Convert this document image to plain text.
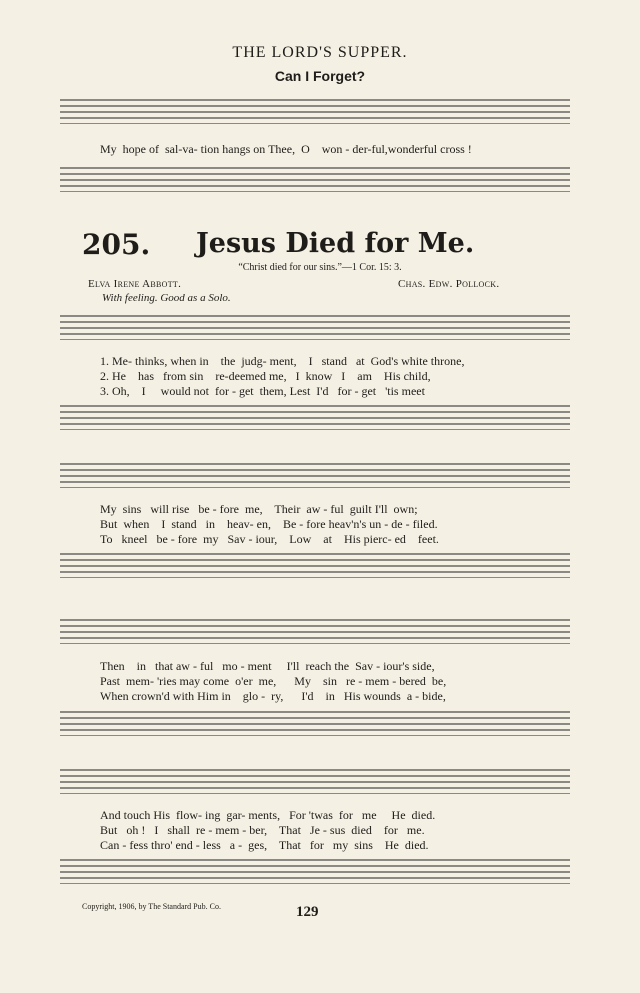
THE LORD'S SUPPER.
Can I Forget?
My  hope of  sal-va- tion hangs on Thee,  O    won - der-ful,wonderful cross !
205. Jesus Died for Me.
“Christ died for our sins.”—1 Cor. 15: 3.
Elva Irene Abbott.	Chas. Edw. Pollock.
With feeling. Good as a Solo.
1. Me- thinks, when in    the  judg- ment,    I   stand   at  God's white throne,
2. He    has   from sin    re-deemed me,   I  know   I    am    His child,
3. Oh,    I     would not  for - get  them, Lest  I'd   for - get   'tis meet
My  sins   will rise   be - fore  me,    Their  aw - ful  guilt I'll  own;
But  when    I  stand   in    heav- en,    Be - fore heav'n's un - de - filed.
To   kneel   be - fore  my   Sav - iour,    Low    at    His pierc- ed    feet.
Then    in   that aw - ful   mo - ment     I'll  reach the  Sav - iour's side,
Past  mem- 'ries may come  o'er  me,      My    sin   re - mem - bered  be,
When crown'd with Him in    glo -  ry,      I'd    in   His wounds  a - bide,
And touch His  flow- ing  gar- ments,   For 'twas  for   me     He  died.
But   oh !   I   shall  re - mem - ber,    That   Je - sus  died    for   me.
Can - fess thro' end - less   a -  ges,    That   for   my  sins    He  died.
Copyright, 1906, by The Standard Pub. Co.	129
